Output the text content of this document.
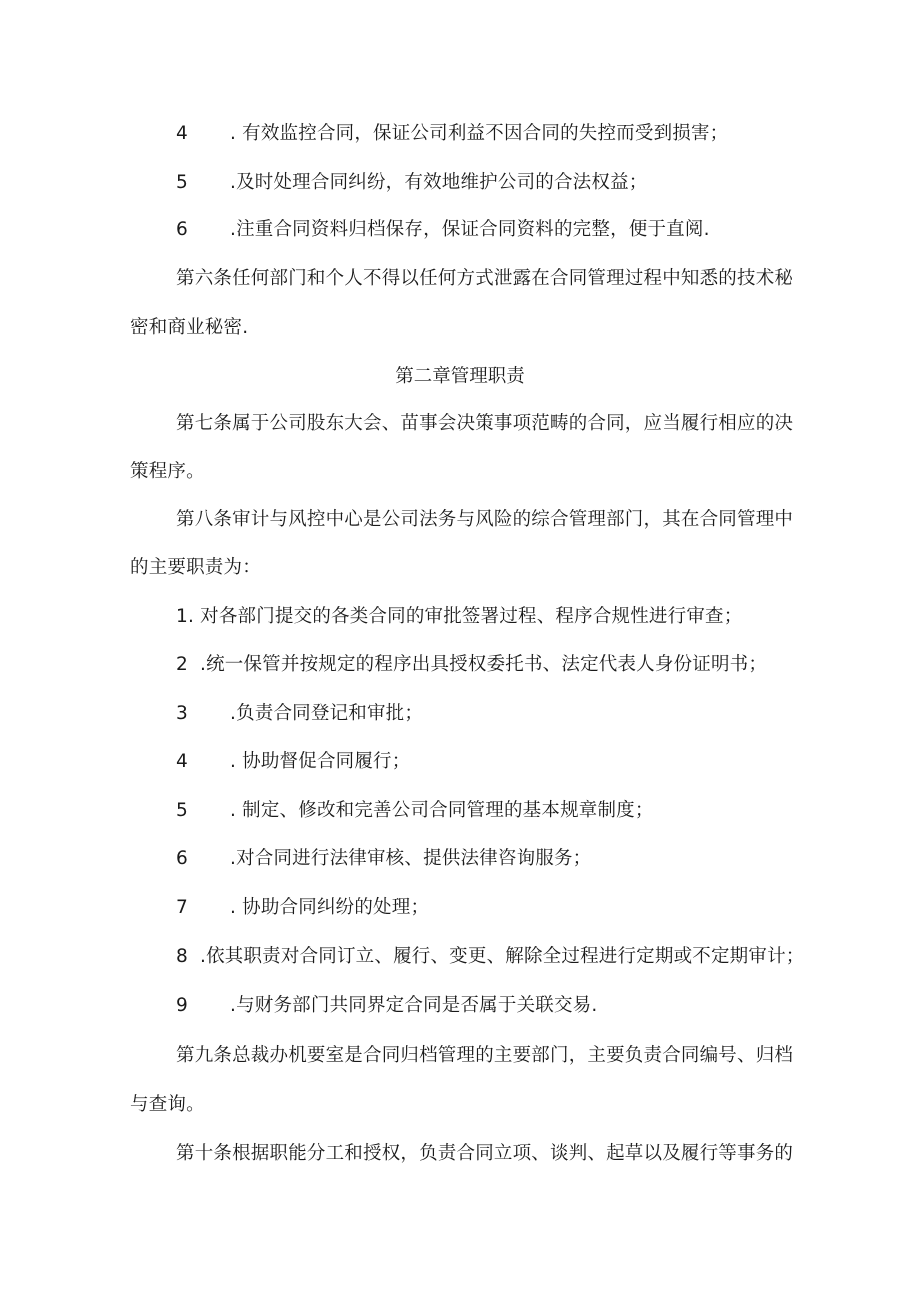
4 . 有效监控合同，保证公司利益不因合同的失控而受到损害；
5 .及时处理合同纠纷，有效地维护公司的合法权益；
6 .注重合同资料归档保存，保证合同资料的完整，便于直阅.
第六条任何部门和个人不得以任何方式泄露在合同管理过程中知悉的技术秘
密和商业秘密.
第二章管理职责
第七条属于公司股东大会、苗事会决策事项范畴的合同，应当履行相应的决
策程序。
第八条审计与风控中心是公司法务与风险的综合管理部门，其在合同管理中
的主要职责为：
1. 对各部门提交的各类合同的审批签署过程、程序合规性进行审查；
2 .统一保管并按规定的程序出具授权委托书、法定代表人身份证明书；
3 .负责合同登记和审批；
4 . 协助督促合同履行；
5 . 制定、修改和完善公司合同管理的基本规章制度；
6 .对合同进行法律审核、提供法律咨询服务；
7 . 协助合同纠纷的处理；
8 .依其职责对合同订立、履行、变更、解除全过程进行定期或不定期审计；
9 .与财务部门共同界定合同是否属于关联交易.
第九条总裁办机要室是合同归档管理的主要部门，主要负责合同编号、归档
与查询。
第十条根据职能分工和授权，负责合同立项、谈判、起草以及履行等事务的
